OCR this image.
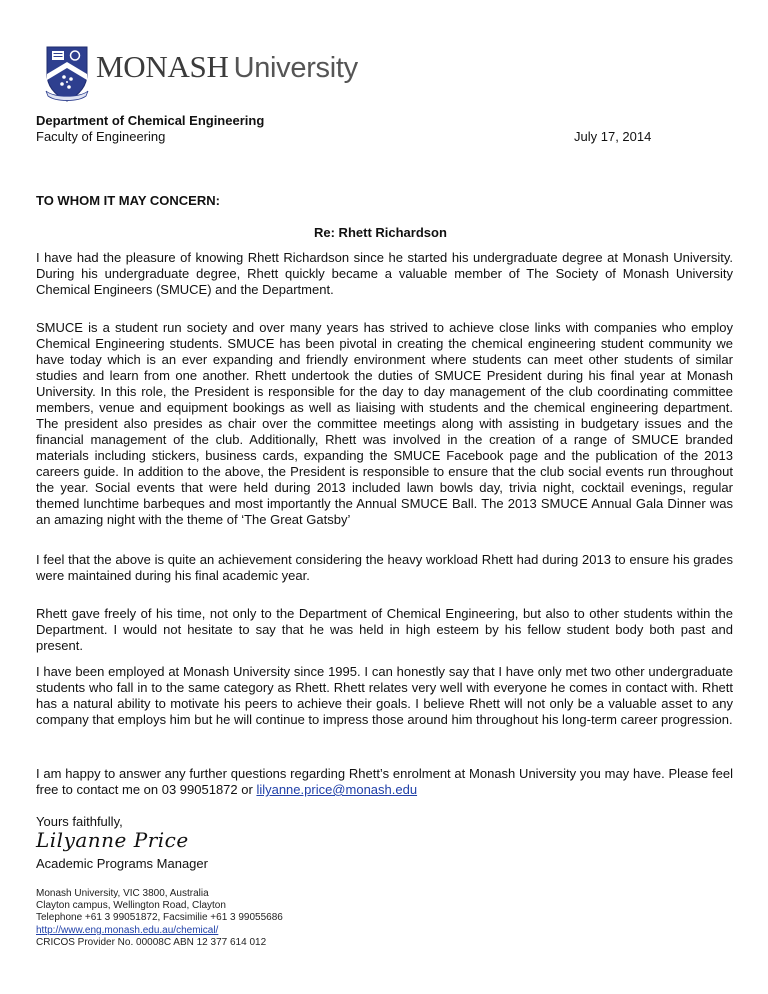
MONASH University
Department of Chemical Engineering
Faculty of Engineering	July 17, 2014
TO WHOM IT MAY CONCERN:
Re: Rhett Richardson

I have had the pleasure of knowing Rhett Richardson since he started his undergraduate degree at Monash University. During his undergraduate degree, Rhett quickly became a valuable member of The Society of Monash University Chemical Engineers (SMUCE) and the Department.

SMUCE is a student run society and over many years has strived to achieve close links with companies who employ Chemical Engineering students. SMUCE has been pivotal in creating the chemical engineering student community we have today which is an ever expanding and friendly environment where students can meet other students of similar studies and learn from one another. Rhett undertook the duties of SMUCE President during his final year at Monash University. In this role, the President is responsible for the day to day management of the club coordinating committee members, venue and equipment bookings as well as liaising with students and the chemical engineering department. The president also presides as chair over the committee meetings along with assisting in budgetary issues and the financial management of the club. Additionally, Rhett was involved in the creation of a range of SMUCE branded materials including stickers, business cards, expanding the SMUCE Facebook page and the publication of the 2013 careers guide. In addition to the above, the President is responsible to ensure that the club social events run throughout the year. Social events that were held during 2013 included lawn bowls day, trivia night, cocktail evenings, regular themed lunchtime barbeques and most importantly the Annual SMUCE Ball. The 2013 SMUCE Annual Gala Dinner was an amazing night with the theme of ‘The Great Gatsby’

I feel that the above is quite an achievement considering the heavy workload Rhett had during 2013 to ensure his grades were maintained during his final academic year.

Rhett gave freely of his time, not only to the Department of Chemical Engineering, but also to other students within the Department. I would not hesitate to say that he was held in high esteem by his fellow student body both past and present.

I have been employed at Monash University since 1995. I can honestly say that I have only met two other undergraduate students who fall in to the same category as Rhett. Rhett relates very well with everyone he comes in contact with. Rhett has a natural ability to motivate his peers to achieve their goals. I believe Rhett will not only be a valuable asset to any company that employs him but he will continue to impress those around him throughout his long-term career progression.

I am happy to answer any further questions regarding Rhett’s enrolment at Monash University you may have. Please feel free to contact me on 03 99051872 or lilyanne.price@monash.edu

Yours faithfully,
Lilyanne Price
Academic Programs Manager
Monash University, VIC 3800, Australia
Clayton campus, Wellington Road, Clayton
Telephone +61 3 99051872, Facsimilie +61 3 99055686
http://www.eng.monash.edu.au/chemical/
CRICOS Provider No. 00008C ABN 12 377 614 012
